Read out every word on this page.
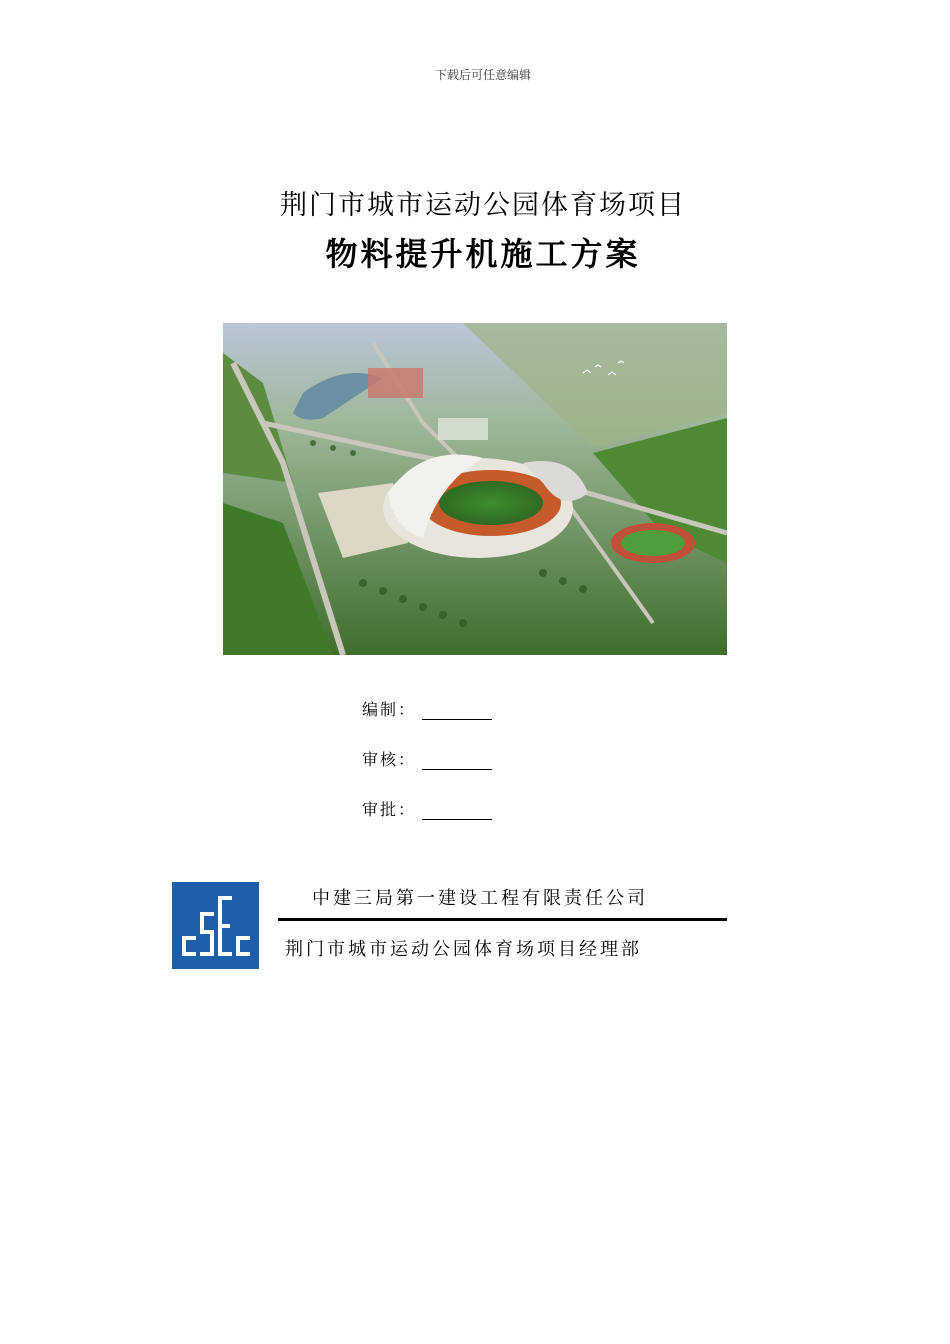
下载后可任意编辑
荆门市城市运动公园体育场项目
物料提升机施工方案
编制：
审核：
审批：
中建三局第一建设工程有限责任公司
荆门市城市运动公园体育场项目经理部
